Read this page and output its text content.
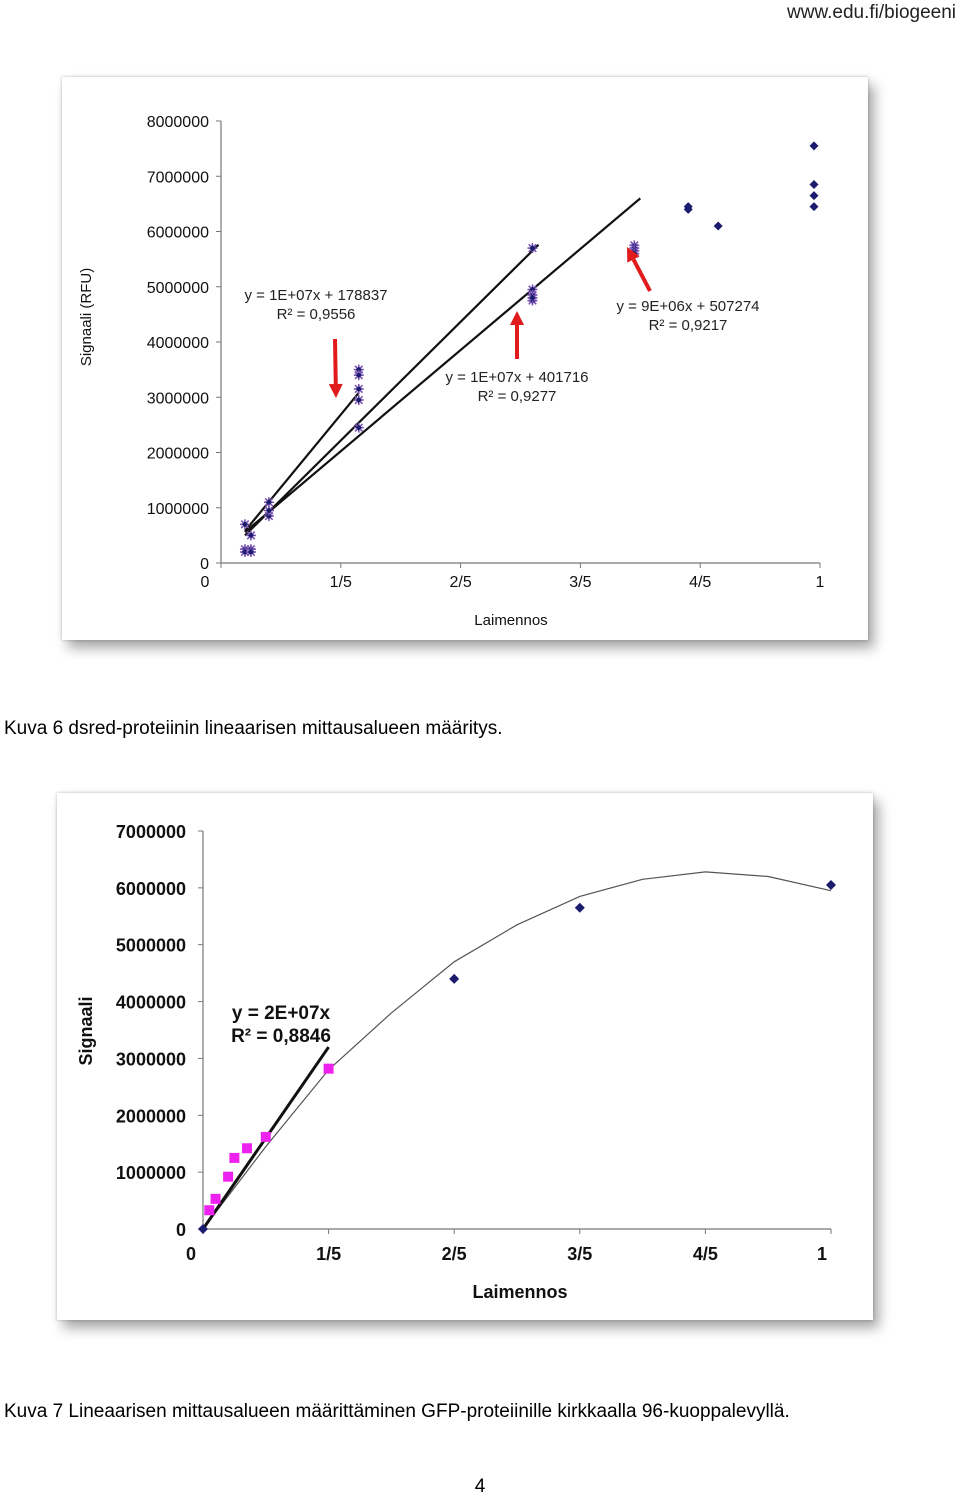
www.edu.fi/biogeeni
0
1000000
2000000
3000000
4000000
5000000
6000000
7000000
8000000
0	1/5	2/5	3/5	4/5	1
Laimennos
Signaali (RFU)	y = 1E+07x + 178837
R² = 0,9556
y = 1E+07x + 401716
R² = 0,9277
y = 9E+06x + 507274
R² = 0,9217
0
1000000
2000000
3000000
4000000
5000000
6000000
7000000
0	1/5	2/5	3/5	4/5	1
Laimennos
Signaali	y = 2E+07x
R² = 0,8846
Kuva 6 dsred-proteiinin lineaarisen mittausalueen määritys.
Kuva 7 Lineaarisen mittausalueen määrittäminen GFP-proteiinille kirkkaalla 96-kuoppalevyllä.
4
